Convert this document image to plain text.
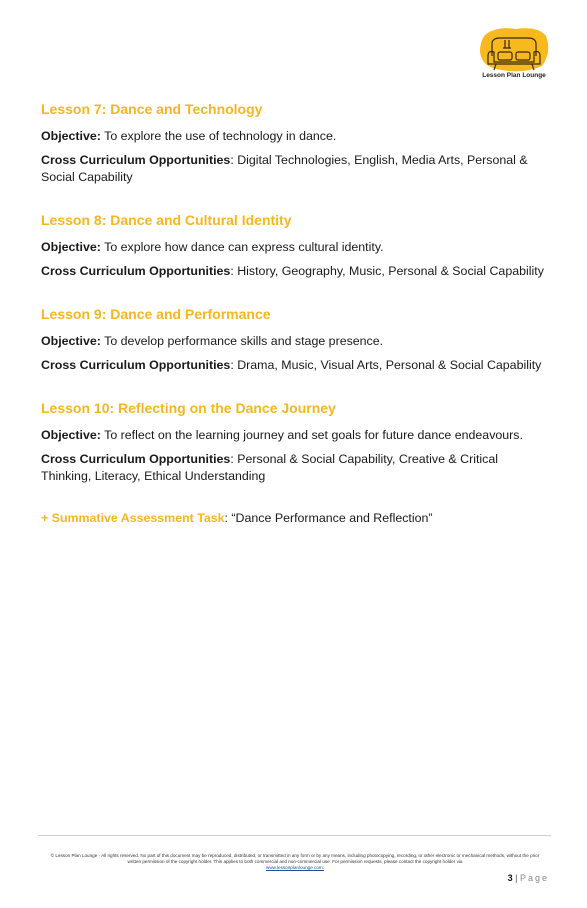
Lesson Plan Lounge
Lesson 7: Dance and Technology

Objective: To explore the use of technology in dance.

Cross Curriculum Opportunities: Digital Technologies, English, Media Arts, Personal & Social Capability

Lesson 8: Dance and Cultural Identity

Objective: To explore how dance can express cultural identity.

Cross Curriculum Opportunities: History, Geography, Music, Personal & Social Capability

Lesson 9: Dance and Performance

Objective: To develop performance skills and stage presence.

Cross Curriculum Opportunities: Drama, Music, Visual Arts, Personal & Social Capability

Lesson 10: Reflecting on the Dance Journey

Objective: To reflect on the learning journey and set goals for future dance endeavours.

Cross Curriculum Opportunities: Personal & Social Capability, Creative & Critical Thinking, Literacy, Ethical Understanding

+ Summative Assessment Task: “Dance Performance and Reflection”
© Lesson Plan Lounge - All rights reserved. No part of this document may be reproduced, distributed, or transmitted in any form or by any means, including photocopying, recording, or other electronic or mechanical methods, without the prior written permission of the copyright holder. This applies to both commercial and non-commercial use. For permission requests, please contact the copyright holder via
www.lessonplanlounge.com.
3 | Page
